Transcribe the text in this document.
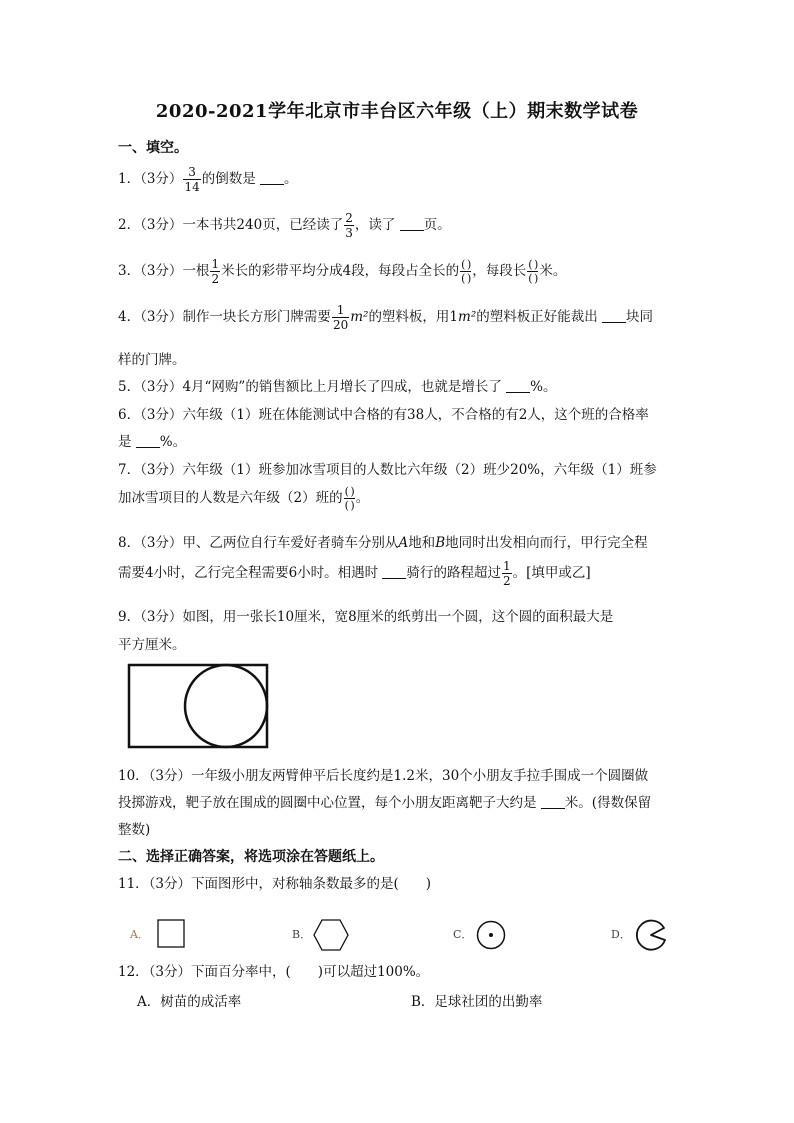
2020-2021学年北京市丰台区六年级（上）期末数学试卷
一、填空。
1．（3分） $\frac{3}{14}$ 的倒数是 。
2．（3分）一本书共240页，已经读了 $\frac{2}{3}$ ，读了 页。
3．（3分）一根 $\frac{1}{2}$ 米长的彩带平均分成4段，每段占全长的 $\frac{( )}{( )}$ ，每段长 $\frac{( )}{( )}$ 米。
4．（3分）制作一块长方形门牌需要 $\frac{1}{20} m^2$的塑料板，用1m²的塑料板正好能裁出 块同
样的门牌。
5．（3分）4月“网购”的销售额比上月增长了四成，也就是增长了 %。
6．（3分）六年级（1）班在体能测试中合格的有38人，不合格的有2人，这个班的合格率
是 %。
7．（3分）六年级（1）班参加冰雪项目的人数比六年级（2）班少20%，六年级（1）班参
加冰雪项目的人数是六年级（2）班的 $\frac{( )}{( )}$ 。
8．（3分）甲、乙两位自行车爱好者骑车分别从A地和B地同时出发相向而行，甲行完全程
需要4小时，乙行完全程需要6小时。相遇时 骑行的路程超过 $\frac{1}{2}$ 。[填甲或乙]
9．（3分）如图，用一张长10厘米，宽8厘米的纸剪出一个圆，这个圆的面积最大是
平方厘米。
10．（3分）一年级小朋友两臂伸平后长度约是1.2米，30个小朋友手拉手围成一个圆圈做
投掷游戏，靶子放在围成的圆圈中心位置，每个小朋友距离靶子大约是 米。(得数保留
整数)
二、选择正确答案，将选项涂在答题纸上。
11．（3分）下面图形中，对称轴条数最多的是(　　)
A．	B．	C．	D．
12．（3分）下面百分率中，(　　)可以超过100%。
A．树苗的成活率	B．足球社团的出勤率
